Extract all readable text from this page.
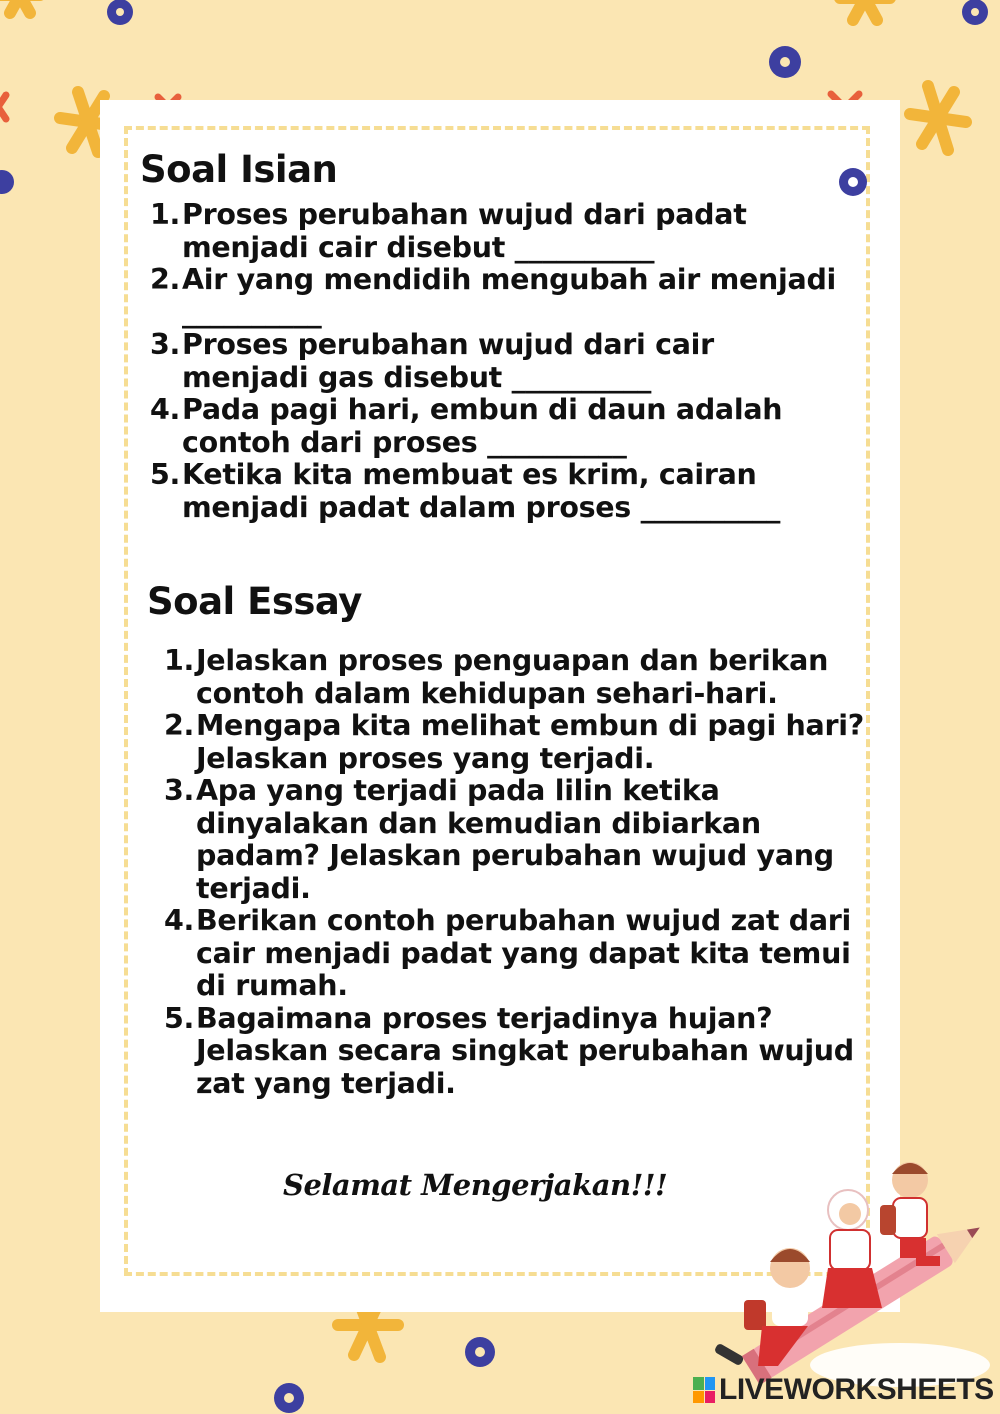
Soal Isian
1. Proses perubahan wujud dari padat menjadi cair disebut __________
2. Air yang mendidih mengubah air menjadi __________
3. Proses perubahan wujud dari cair menjadi gas disebut __________
4. Pada pagi hari, embun di daun adalah contoh dari proses __________
5. Ketika kita membuat es krim, cairan menjadi padat dalam proses __________
Soal Essay
1. Jelaskan proses penguapan dan berikan contoh dalam kehidupan sehari-hari.
2. Mengapa kita melihat embun di pagi hari? Jelaskan proses yang terjadi.
3. Apa yang terjadi pada lilin ketika dinyalakan dan kemudian dibiarkan padam? Jelaskan perubahan wujud yang terjadi.
4. Berikan contoh perubahan wujud zat dari cair menjadi padat yang dapat kita temui di rumah.
5. Bagaimana proses terjadinya hujan? Jelaskan secara singkat perubahan wujud zat yang terjadi.

Selamat Mengerjakan!!!

LIVEWORKSHEETS
